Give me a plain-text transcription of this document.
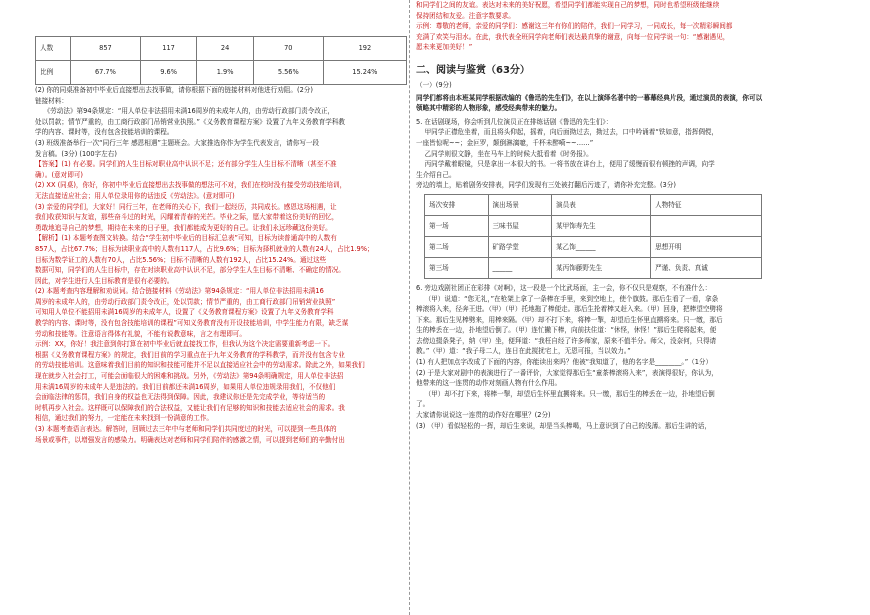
人数	857	117	24	70	192
比例	67.7%	9.6%	1.9%	5.56%	15.24%

(2) 你的同桌准备初中毕业后直接想出去找事做，请你根据下面的链接材料对他进行劝阻。(2分)

链接材料：

《劳动法》第94条规定：“用人单位非法招用未满16周岁的未成年人的，由劳动行政部门责令改正，

处以罚款；情节严重的，由工商行政部门吊销营业执照。”《义务教育课程方案》设置了九年义务教育学科教

学的内容、课时等，没有包含技能培训的课程。

(3) 班级准备举行一次“同行三年 感恩相遇”主题班会。大家推选你作为学生代表发言，请你写一段

发言稿。(3分) (100字左右)

【答案】(1) 有必要。同学们的人生目标对职业高中认识不足；还有部分学生人生目标不清晰（甚至不准

确）。(意对即可)

(2) XX (同桌)，你好，你初中毕业后直接想出去找事做的想法可不对，我们在校时没有接受劳动技能培训，

无法直接适应社会；用人单位录用你的话违反《劳动法》。(意对即可)

(3) 亲爱的同学们，大家好！同行三年，在老师的关心下，我们一起经历，共同成长。感恩这场相遇，让

我们收获知识与友谊，那些奋斗过的时光，闪耀着青春的光芒。毕业之际，愿大家带着这份美好的回忆，

勇敢地追寻自己的梦想，期待在未来的日子里，我们都能成为更好的自己。让我们永远珍藏这份美好。

【解析】(1) 本题考查图文转换。结合“学生初中毕业后的目标汇总表”可知，目标为读普通高中的人数有

857人，占比67.7%；目标为读职业高中的人数有117人，占比9.6%；目标为择机就业的人数有24人，占比1.9%；

目标为数学证工的人数有70人，占比5.56%；目标不清晰的人数有192人，占比15.24%。通过这些

数据可知，同学们的人生目标中，存在对读职业高中认识不足，部分学生人生目标不清晰、不确定的情况。

因此，对学生进行人生目标教育是很有必要的。

(2) 本题考查内容理解和劝说词。结合链接材料《劳动法》第94条规定：“用人单位非法招用未满16

周岁的未成年人的，由劳动行政部门责令改正，处以罚款；情节严重的，由工商行政部门吊销营业执照”

可知用人单位不能招用未满16周岁的未成年人，设置了《义务教育课程方案》设置了九年义务教育学科

教学的内容、课时等，没有包含技能培训的课程”可知义务教育没有开设技能培训，中学生能力有限，缺乏谋

劳动和技能等。注意语言得体有礼貌，不能有说教意味，言之有理即可。

示例：XX，你好！我注意到你打算在初中毕业后就直接找工作，但我认为这个决定需要重新考虑一下。

根据《义务教育课程方案》的规定，我们目前的学习重点在于九年义务教育的学科教学，而并没有包含专业

的劳动技能培训。这意味着我们目前的知识和技能可能并不足以直接适应社会中的劳动需求。除此之外，如果我们

现在就步入社会打工，可能会面临很大的困难和挑战。另外，《劳动法》第94条明确规定，用人单位非法招

用未满16周岁的未成年人是违法的。我们目前都还未满16周岁，如果用人单位违规录用我们，不仅他们

会面临法律的惩罚，我们自身的权益也无法得到保障。因此，我建议你还是先完成学业，等待适当的

时机再步入社会。这样既可以保障我们的合法权益，又能让我们有足够的知识和技能去适应社会的需求。我

相信，通过我们的努力，一定能在未来找到一份满意的工作。

(3) 本题考查语言表达。解答时，回顾过去三年中与老师和同学们共同度过的时光，可以提到一些具体的

场景或事件，以增强发言的感染力。明确表达对老师和同学们陪伴的感激之情，可以提到老师们的辛勤付出

和同学们之间的友谊。表达对未来的美好祝愿，希望同学们都能实现自己的梦想，同时也希望班级能继续

保持团结和友爱。注意字数要求。

示例：尊敬的老师，亲爱的同学们：感谢这三年有你们的陪伴，我们一同学习，一同成长，每一次精彩瞬间都

充满了欢笑与泪水。在此，我代表全班同学向老师们表达最真挚的谢意，向每一位同学说一句：“感谢遇见，

愿未来更加美好！”

二、阅读与鉴赏（63分）

（一）(9分)

同学们都将由本班某同学根据改编的《鲁迅的先生们》，在以上演绎名著中的一幕幕经典片段，通过演员的表演，你可以

领略其中精彩的人物形象，感受经典带来的魅力。

5. 在话剧现场，你会听到几位演员正在排练话剧《鲁迅的先生们》：

甲同学正襟危坐着，而且将头仰起，摇着，向后面拗过去，拗过去，口中吟诵着“铁如意，指挥倜傥，

一座皆惊呢~~；金叵罗，颠倒淋漓噫，千杯未醉嗬~~……”

乙同学则很文静，坐在马车上的时候大抵看着《时务报》。

丙同学戴着眼镜，只是拿出一本很大的书。一将书放在讲台上，便用了缓慢而很有顿挫的声调，向学

生介绍自己。

旁边的墙上，贴着剧务安排表，同学们发现有三处被打翻后污迹了，请你补充完整。(3分)

场次安排	演出场景	演员表	人物特征
第一场	三味书屋	某甲饰寿先生	
第二场	矿路学堂	某乙饰______	思想开明
第三场	______	某丙饰藤野先生	严谨、负责、真诚

6. 旁边戏剧社团正在彩排《对啊》，这一段是一个比武场面，主一会，你不仅只是观察，不有准什么：

（甲）说道：“您无礼，”在枪架上拿了一条棒在手里，来到空地上，使个旗鼓。那后生看了一看，拿条

棒滚将入来，径奔王进。（甲）（甲）托地拖了棒便走。那后生抡着棒又赶入来。（甲）回身，把棒望空劈将

下来。那后生见棒劈来，用棒来隔。（甲）却不打下来，将棒一掣，却望后生怀里直搠将来。只一缴，那后

生的棒丢在一边，扑地望后倒了。（甲）连忙撇下棒，向前扶住道：“休怪，休怪！”那后生爬将起来，便

去傍边掇条凳子，纳（甲）坐，便拜道：“我枉自经了许多师家，原来不值半分。师父，没奈何，只得请

教。”（甲）道：“我子母二人，连日在此搅扰宅上，无恩可报，当以效力。”

(1) 有人把加点字改成了下面的内容，你能读出来吗？他被“我知道了，他的名字是________。”（1分）

(2) 于是大家对剧中的表演进行了一番评价，大家觉得那后生“童茶棒滚将入来”，表演得很好，你认为，

他带来的这一连贯的动作对刻画人物有什么作用。

（甲）却不打下来，将棒一掣，却望后生怀里直搠将来。只一缴，那后生的棒丢在一边，扑地望后倒

了。

大家请你说说这一连贯的动作好在哪里？(2分)

(3) （甲）看似轻松的一挥，却后生来说，却是当头棒喝，马上意识到了自己的浅薄。那后生讲的话，
